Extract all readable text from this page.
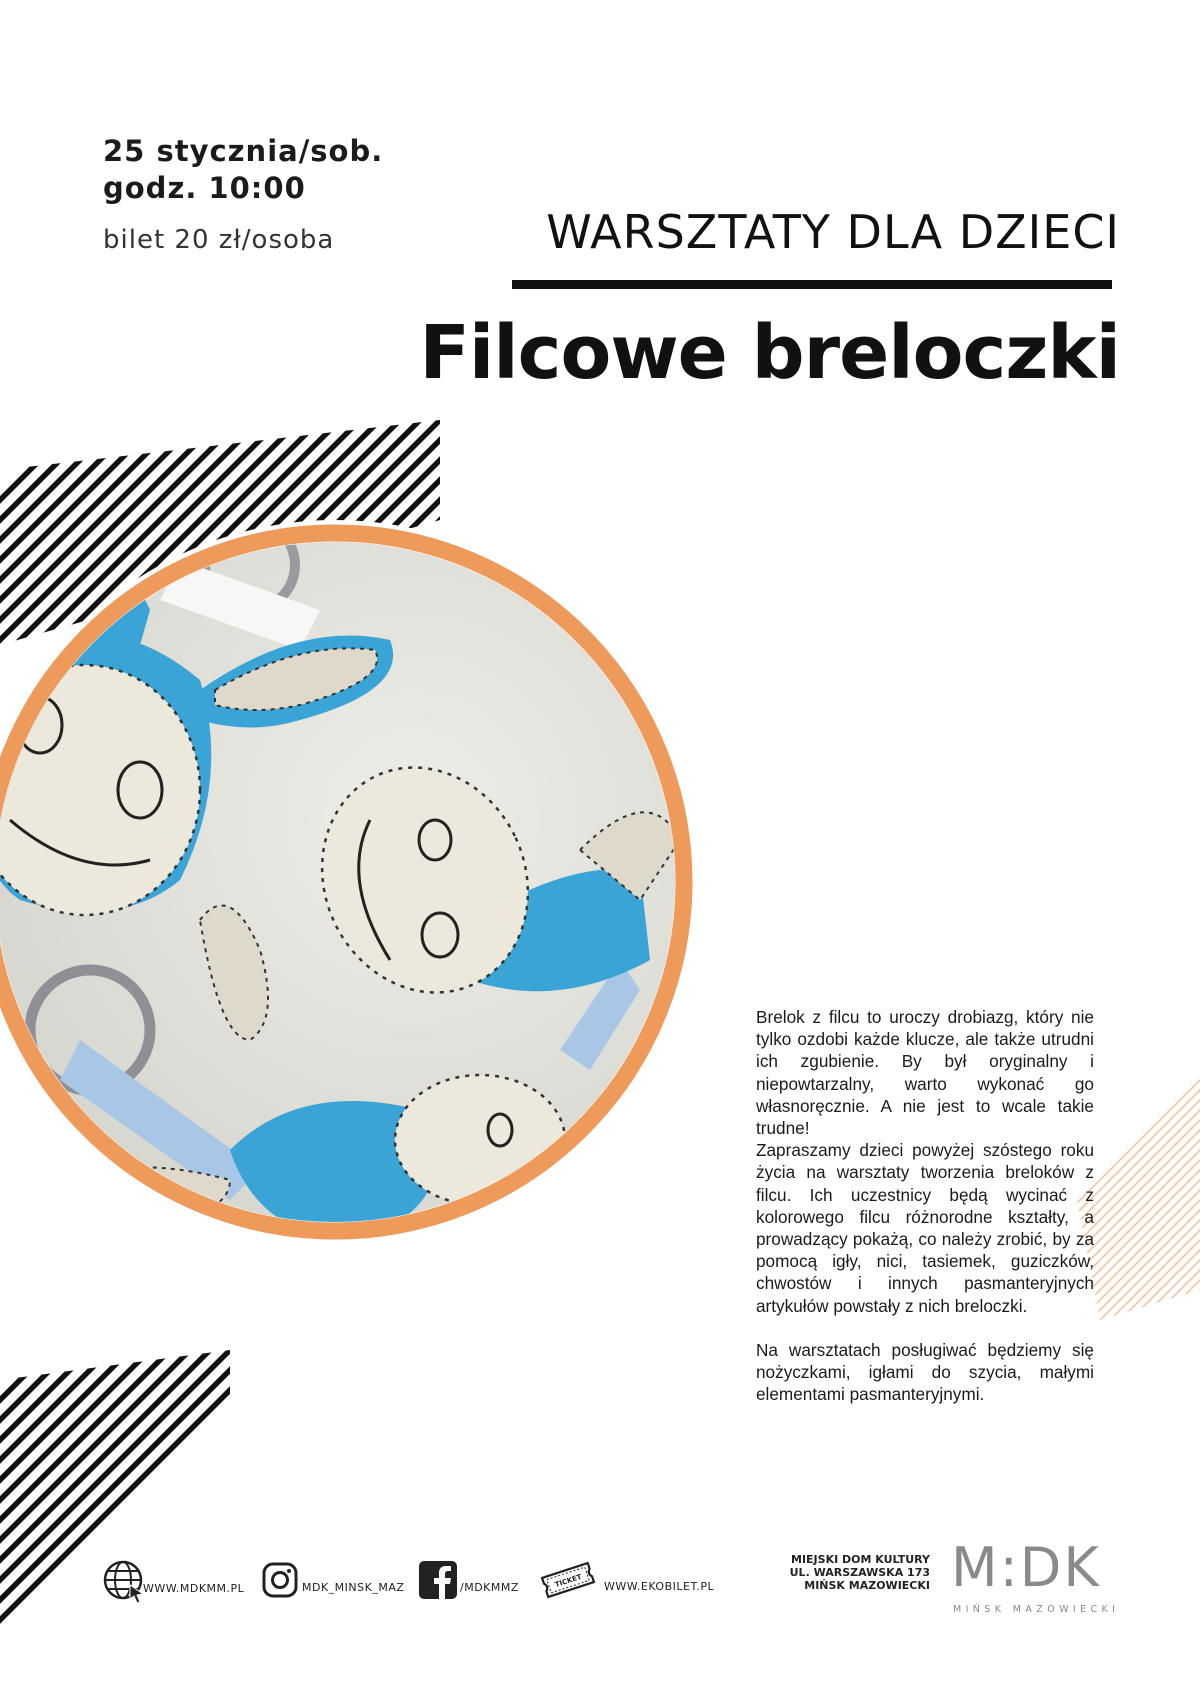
25 stycznia/sob.
godz. 10:00
bilet 20 zł/osoba	WARSZTATY DLA DZIECI
Filcowe breloczki

Brelok z filcu to uroczy drobiazg, który nie tylko ozdobi każde klucze, ale także utrudni ich zgubienie. By był oryginalny i niepowtarzalny, warto wykonać go własnoręcznie. A nie jest to wcale takie trudne!

Zapraszamy dzieci powyżej szóstego roku życia na warsztaty tworzenia breloków z filcu. Ich uczestnicy będą wycinać z kolorowego filcu różnorodne kształty, a prowadzący pokażą, co należy zrobić, by za pomocą igły, nici, tasiemek, guziczków, chwostów i innych pasmanteryjnych artykułów powstały z nich breloczki.

Na warsztatach posługiwać będziemy się nożyczkami, igłami do szycia, małymi elementami pasmanteryjnymi.

WWW.MDKMM.PL	MDK_MINSK_MAZ	/MDKMMZ	TICKET WWW.EKOBILET.PL
MIEJSKI DOM KULTURY
UL. WARSZAWSKA 173
MIŃSK MAZOWIECKI M:DK
MIŃSK MAZOWIECKI
